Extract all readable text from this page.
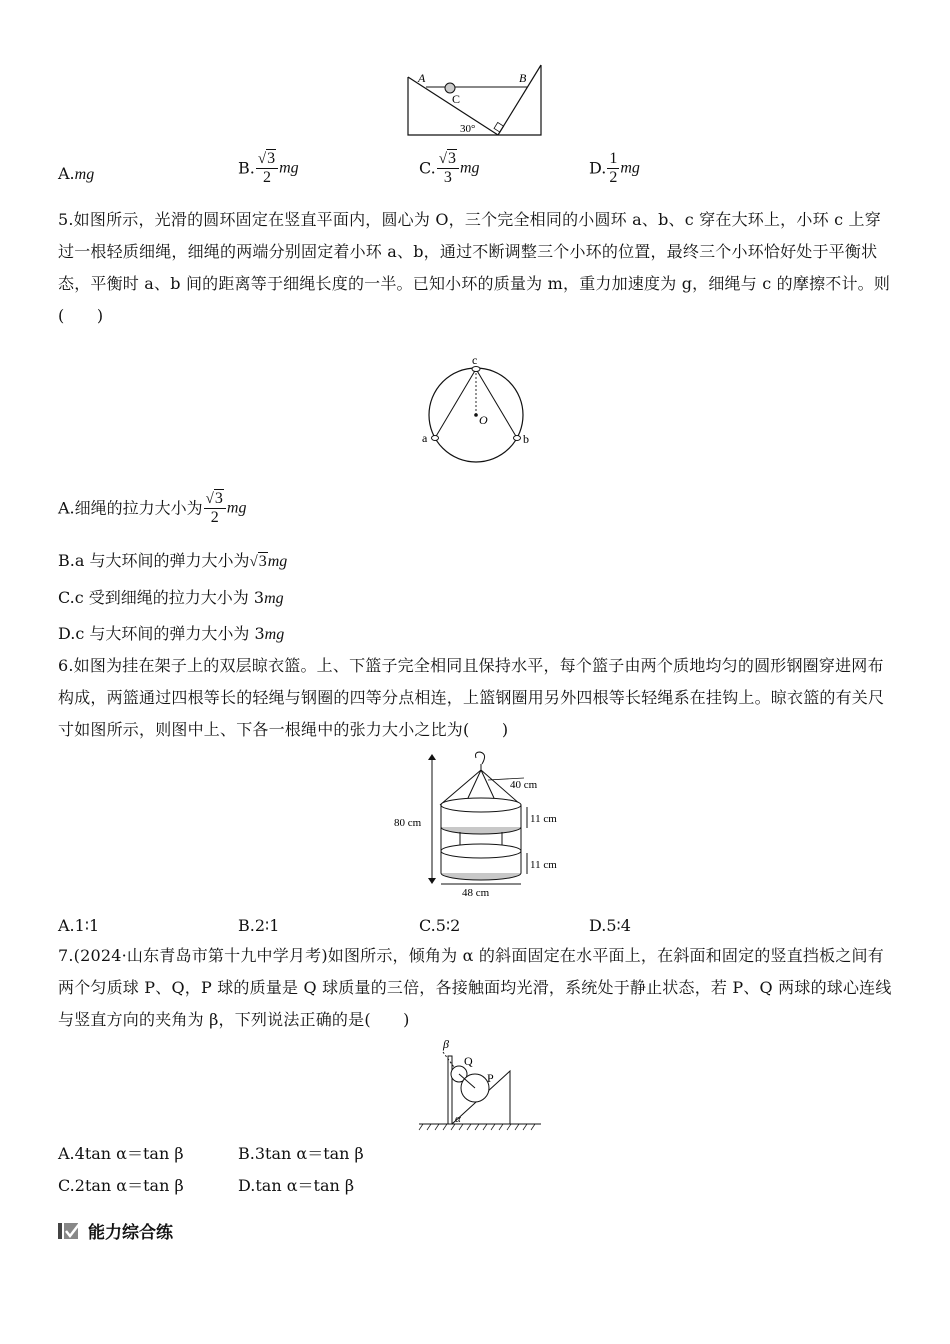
A	B
C
30°
A.mg	B. $\frac{√3}{2}$ mg	C. $\frac{√3}{3}$ mg	D. $\frac{1}{2}$ mg
5.如图所示，光滑的圆环固定在竖直平面内，圆心为 O，三个完全相同的小圆环 a、b、c 穿在大环上，小环 c 上穿过一根轻质细绳，细绳的两端分别固定着小环 a、b，通过不断调整三个小环的位置，最终三个小环恰好处于平衡状态，平衡时 a、b 间的距离等于细绳长度的一半。已知小环的质量为 m，重力加速度为 g，细绳与 c 的摩擦不计。则(　　)
c
O
a	b
A.细绳的拉力大小为 $\frac{√3}{2}$ mg
B.a 与大环间的弹力大小为√3mg
C.c 受到细绳的拉力大小为 3mg
D.c 与大环间的弹力大小为 3mg
6.如图为挂在架子上的双层晾衣篮。上、下篮子完全相同且保持水平，每个篮子由两个质地均匀的圆形钢圈穿进网布构成，两篮通过四根等长的轻绳与钢圈的四等分点相连，上篮钢圈用另外四根等长轻绳系在挂钩上。晾衣篮的有关尺寸如图所示，则图中上、下各一根绳中的张力大小之比为(　　)
80 cm
40 cm
11 cm
11 cm
48 cm
A.1∶1	B.2∶1	C.5∶2	D.5∶4
7.(2024·山东青岛市第十九中学月考)如图所示，倾角为 α 的斜面固定在水平面上，在斜面和固定的竖直挡板之间有两个匀质球 P、Q，P 球的质量是 Q 球质量的三倍，各接触面均光滑，系统处于静止状态，若 P、Q 两球的球心连线与竖直方向的夹角为 β，下列说法正确的是(　　)
β
Q
P
α
A.4tan α＝tan β	B.3tan α＝tan β
C.2tan α＝tan β	D.tan α＝tan β
能力综合练
